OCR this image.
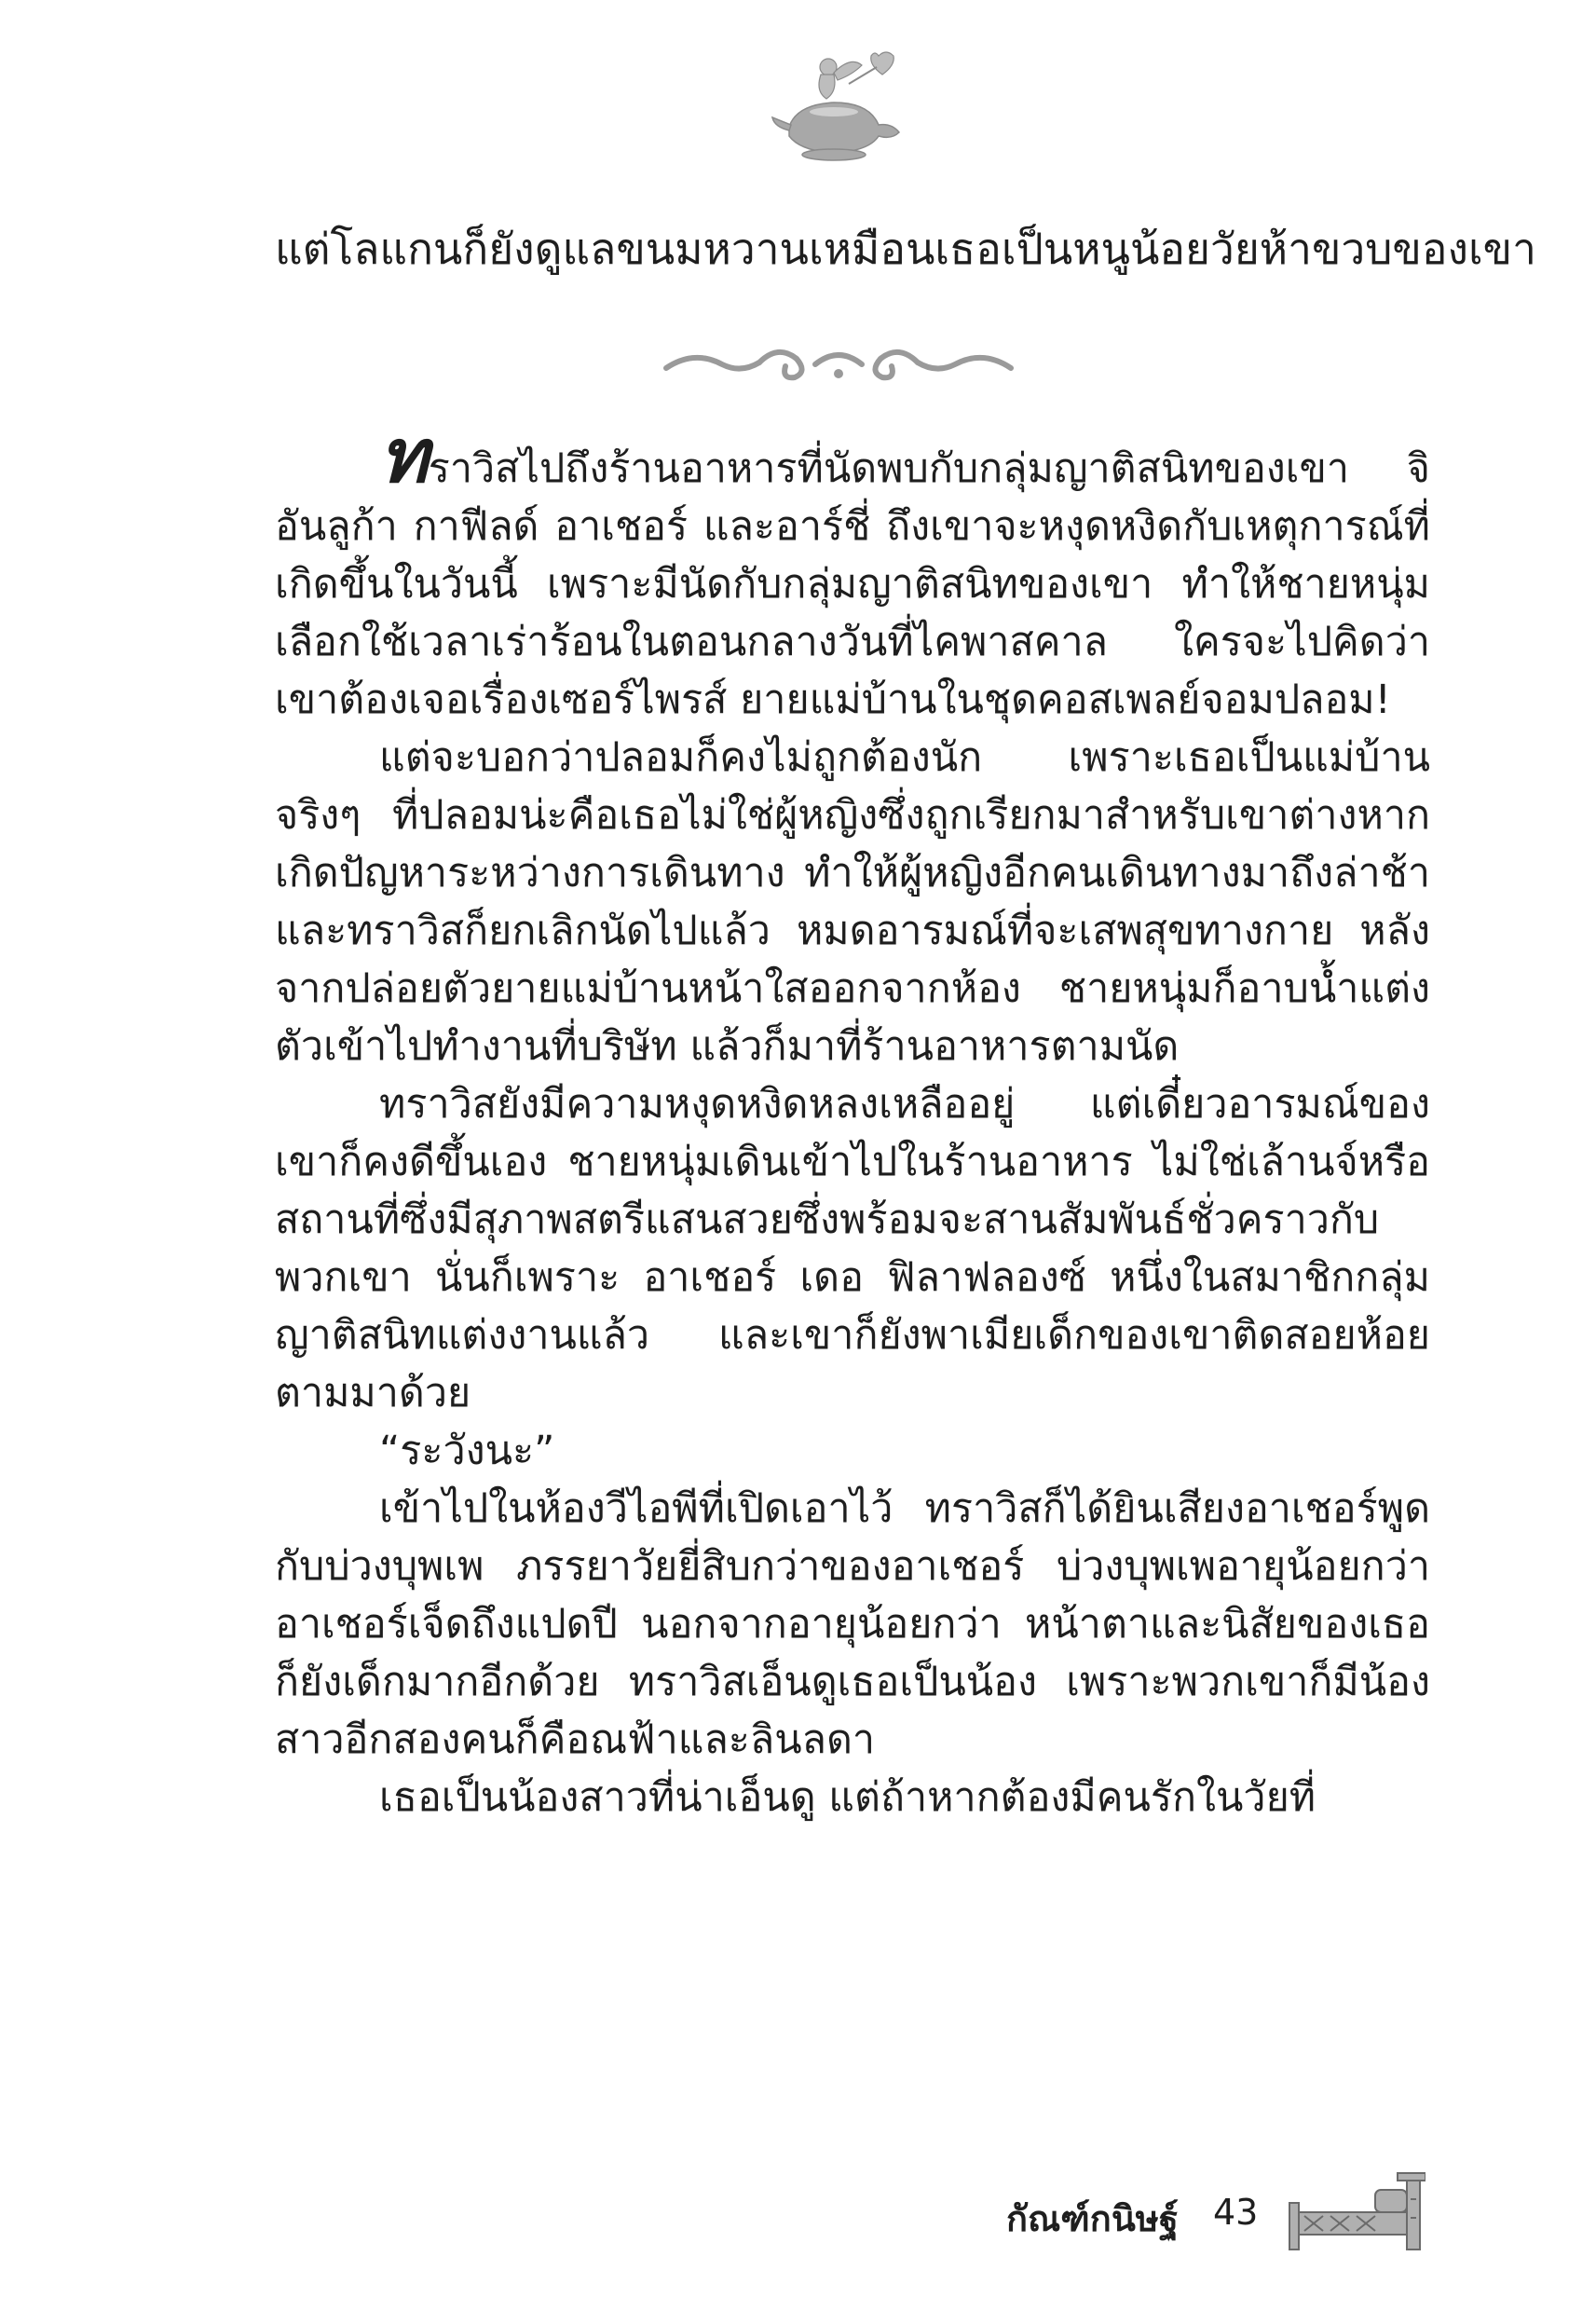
แต่โลแกนก็ยังดูแลขนมหวานเหมือนเธอเป็นหนูน้อยวัยห้าขวบของเขา

ทราวิสไปถึงร้านอาหารที่นัดพบกับกลุ่มญาติสนิทของเขา จิอันลูก้า กาฟีลด์ อาเชอร์ และอาร์ชี่ ถึงเขาจะหงุดหงิดกับเหตุการณ์ที่เกิดขึ้นในวันนี้ เพราะมีนัดกับกลุ่มญาติสนิทของเขา ทำให้ชายหนุ่มเลือกใช้เวลาเร่าร้อนในตอนกลางวันที่ไคพาสคาล ใครจะไปคิดว่าเขาต้องเจอเรื่องเซอร์ไพรส์ ยายแม่บ้านในชุดคอสเพลย์จอมปลอม!

แต่จะบอกว่าปลอมก็คงไม่ถูกต้องนัก เพราะเธอเป็นแม่บ้านจริงๆ ที่ปลอมน่ะคือเธอไม่ใช่ผู้หญิงซึ่งถูกเรียกมาสำหรับเขาต่างหาก เกิดปัญหาระหว่างการเดินทาง ทำให้ผู้หญิงอีกคนเดินทางมาถึงล่าช้า และทราวิสก็ยกเลิกนัดไปแล้ว หมดอารมณ์ที่จะเสพสุขทางกาย หลังจากปล่อยตัวยายแม่บ้านหน้าใสออกจากห้อง ชายหนุ่มก็อาบน้ำแต่งตัวเข้าไปทำงานที่บริษัท แล้วก็มาที่ร้านอาหารตามนัด

ทราวิสยังมีความหงุดหงิดหลงเหลืออยู่ แต่เดี๋ยวอารมณ์ของเขาก็คงดีขึ้นเอง ชายหนุ่มเดินเข้าไปในร้านอาหาร ไม่ใช่เล้านจ์หรือสถานที่ซึ่งมีสุภาพสตรีแสนสวยซึ่งพร้อมจะสานสัมพันธ์ชั่วคราวกับพวกเขา นั่นก็เพราะ อาเชอร์ เดอ ฟิลาฟลองซ์ หนึ่งในสมาชิกกลุ่มญาติสนิทแต่งงานแล้ว และเขาก็ยังพาเมียเด็กของเขาติดสอยห้อยตามมาด้วย

“ระวังนะ”

เข้าไปในห้องวีไอพีที่เปิดเอาไว้ ทราวิสก็ได้ยินเสียงอาเชอร์พูดกับบ่วงบุพเพ ภรรยาวัยยี่สิบกว่าของอาเชอร์ บ่วงบุพเพอายุน้อยกว่าอาเชอร์เจ็ดถึงแปดปี นอกจากอายุน้อยกว่า หน้าตาและนิสัยของเธอก็ยังเด็กมากอีกด้วย ทราวิสเอ็นดูเธอเป็นน้อง เพราะพวกเขาก็มีน้องสาวอีกสองคนก็คือณฟ้าและลินลดา

เธอเป็นน้องสาวที่น่าเอ็นดู แต่ถ้าหากต้องมีคนรักในวัยที่

กัณฑ์กนิษฐ์ 43
